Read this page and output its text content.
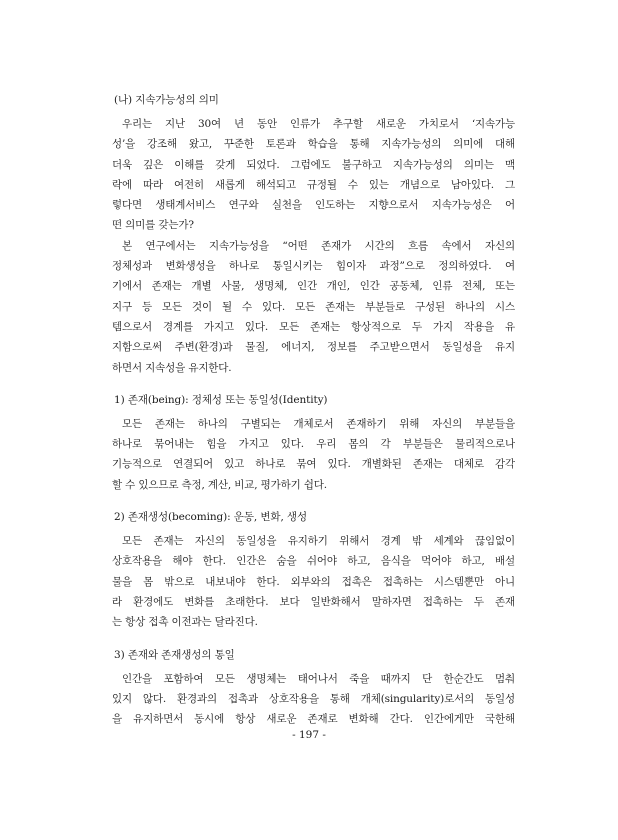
(나) 지속가능성의 의미
우리는 지난 30여 년 동안 인류가 추구할 새로운 가치로서 ‘지속가능
성’을 강조해 왔고, 꾸준한 토론과 학습을 통해 지속가능성의 의미에 대해
더욱 깊은 이해를 갖게 되었다. 그럼에도 불구하고 지속가능성의 의미는 맥
락에 따라 여전히 새롭게 해석되고 규정될 수 있는 개념으로 남아있다. 그
렇다면 생태계서비스 연구와 실천을 인도하는 지향으로서 지속가능성은 어
떤 의미를 갖는가?
본 연구에서는 지속가능성을 “어떤 존재가 시간의 흐름 속에서 자신의
정체성과 변화생성을 하나로 통일시키는 힘이자 과정”으로 정의하였다. 여
기에서 존재는 개별 사물, 생명체, 인간 개인, 인간 공동체, 인류 전체, 또는
지구 등 모든 것이 될 수 있다. 모든 존재는 부분들로 구성된 하나의 시스
템으로서 경계를 가지고 있다. 모든 존재는 항상적으로 두 가지 작용을 유
지함으로써 주변(환경)과 물질, 에너지, 정보를 주고받으면서 동일성을 유지
하면서 지속성을 유지한다.
1) 존재(being): 정체성 또는 동일성(Identity)
모든 존재는 하나의 구별되는 개체로서 존재하기 위해 자신의 부분들을
하나로 묶어내는 힘을 가지고 있다. 우리 몸의 각 부분들은 물리적으로나
기능적으로 연결되어 있고 하나로 묶여 있다. 개별화된 존재는 대체로 감각
할 수 있으므로 측정, 계산, 비교, 평가하기 쉽다.
2) 존재생성(becoming): 운동, 변화, 생성
모든 존재는 자신의 동일성을 유지하기 위해서 경계 밖 세계와 끊임없이
상호작용을 해야 한다. 인간은 숨을 쉬어야 하고, 음식을 먹어야 하고, 배설
물을 몸 밖으로 내보내야 한다. 외부와의 접촉은 접촉하는 시스템뿐만 아니
라 환경에도 변화를 초래한다. 보다 일반화해서 말하자면 접촉하는 두 존재
는 항상 접촉 이전과는 달라진다.
3) 존재와 존재생성의 통일
인간을 포함하여 모든 생명체는 태어나서 죽을 때까지 단 한순간도 멈춰
있지 않다. 환경과의 접촉과 상호작용을 통해 개체(singularity)로서의 동일성
을 유지하면서 동시에 항상 새로운 존재로 변화해 간다. 인간에게만 국한해
- 197 -
